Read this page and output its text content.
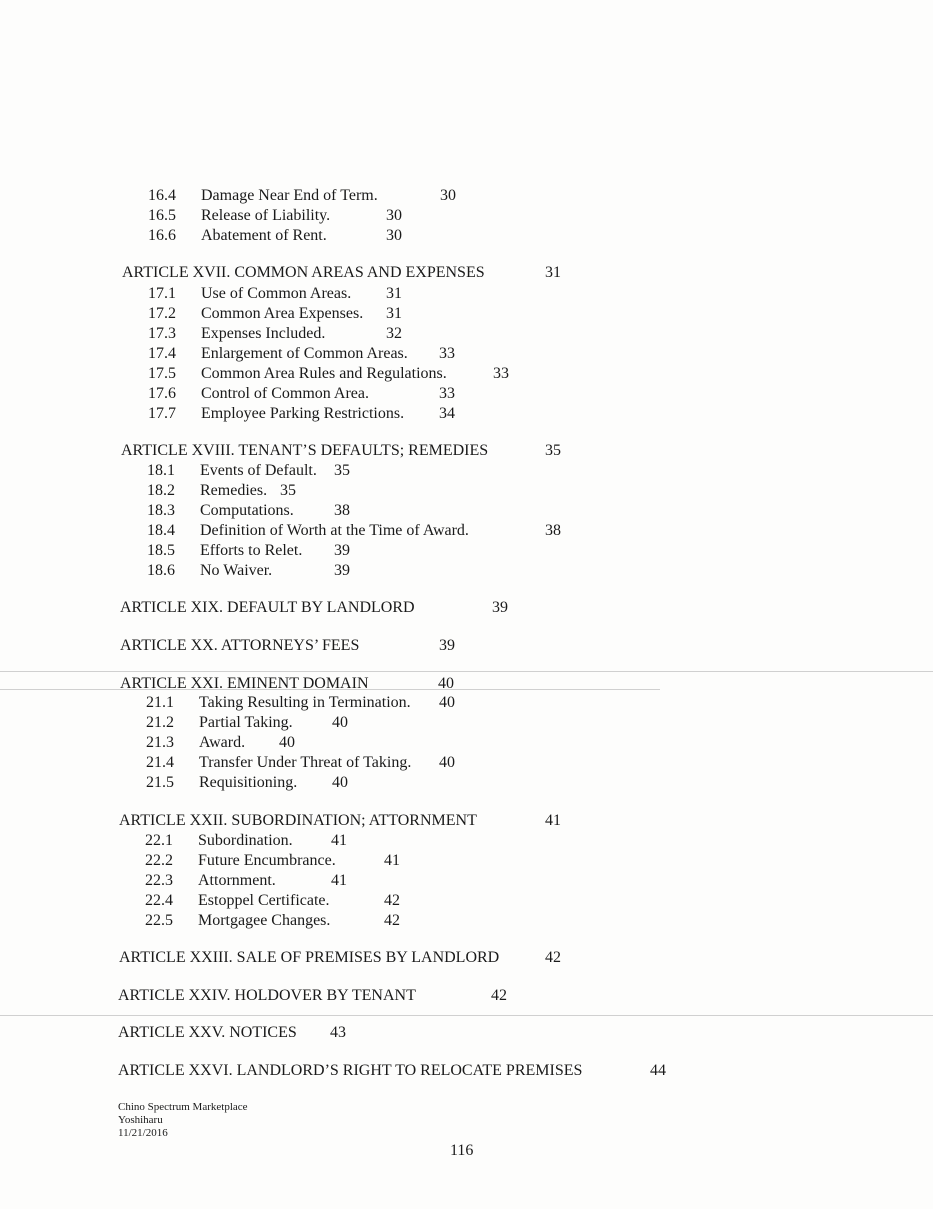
16.4 Damage Near End of Term.	30
16.5 Release of Liability.	30
16.6 Abatement of Rent.	30
ARTICLE XVII. COMMON AREAS AND EXPENSES	31
17.1 Use of Common Areas. 31
17.2 Common Area Expenses. 31
17.3 Expenses Included.	32
17.4 Enlargement of Common Areas. 33
17.5 Common Area Rules and Regulations.	33
17.6 Control of Common Area.	33
17.7 Employee Parking Restrictions. 34
ARTICLE XVIII. TENANT’S DEFAULTS; REMEDIES	35
18.1 Events of Default. 35
18.2 Remedies. 35
18.3 Computations.	38
18.4 Definition of Worth at the Time of Award.	38
18.5 Efforts to Relet. 39
18.6 No Waiver.	39
ARTICLE XIX. DEFAULT BY LANDLORD	39
ARTICLE XX. ATTORNEYS’ FEES	39
ARTICLE XXI. EMINENT DOMAIN	40
21.1 Taking Resulting in Termination. 40
21.2 Partial Taking. 40
21.3 Award. 40
21.4 Transfer Under Threat of Taking. 40
21.5 Requisitioning. 40
ARTICLE XXII. SUBORDINATION; ATTORNMENT	41
22.1 Subordination. 41
22.2 Future Encumbrance.	41
22.3 Attornment.	41
22.4 Estoppel Certificate.	42
22.5 Mortgagee Changes.	42
ARTICLE XXIII. SALE OF PREMISES BY LANDLORD	42
ARTICLE XXIV. HOLDOVER BY TENANT	42
ARTICLE XXV. NOTICES 43
ARTICLE XXVI. LANDLORD’S RIGHT TO RELOCATE PREMISES	44
Chino Spectrum Marketplace
Yoshiharu
11/21/2016
116
